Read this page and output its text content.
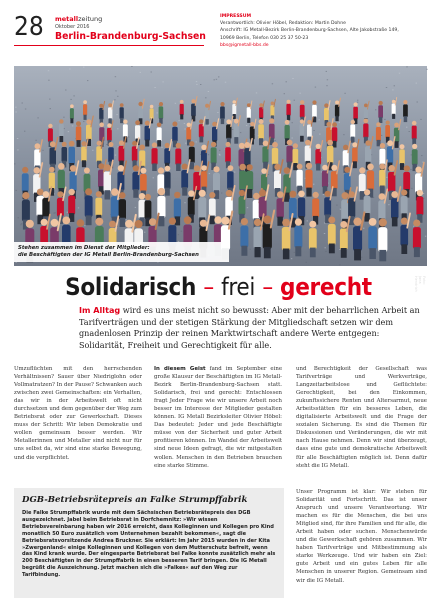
28 metallzeitung
Oktober 2016
Berlin-Brandenburg-Sachsen
IMPRESSUM
Verantwortlich: Olivier Höbel, Redaktion: Martin Dohne
Anschrift: IG Metall-Bezirk Berlin-Brandenburg-Sachsen, Alte Jakobstraße 149,
10969 Berlin, Telefon 030 25 37 50-23
bbs@igmetall-bbs.de
Foto: Jana Hendrich
Stehen zusammen im Dienst der Mitglieder:
die Beschäftigten der IG Metall Berlin-Brandenburg-Sachsen
Solidarisch – frei – gerecht
Im Alltag wird es uns meist nicht so bewusst: Aber mit der beharrlichen Arbeit an Tarifverträgen und der stetigen Stärkung der Mitgliedschaft setzen wir dem gnadenlosen Prinzip der reinen Marktwirtschaft andere Werte entgegen: Solidarität, Freiheit und Gerechtigkeit für alle.
Umzuflüchten mit den herrschenden Verhältnissen? Sauer über Niedriglohn oder Vollmatratzen? In der Pause? Schwanken auch zwischen zwei Gemeinschaften: ein Verhalten, das wir in der Arbeitswelt oft nicht durchsetzen und dem gegenüber der Weg zum Betriebsrat oder zur Gewerkschaft. Dieses muss der Schritt: Wir leben Demokratie und wollen gemeinsam besser werden. Wir Metallerinnen und Metaller sind nicht nur für uns selbst da, wir sind eine starke Bewegung, und die verpflichtet.
In diesem Geist fand im September eine große Klausur der Beschäftigten im IG Metall-Bezirk Berlin-Brandenburg-Sachsen statt. Solidarisch, frei und gerecht: Entschlossen fragt Jeder Frage wie wir unsere Arbeit noch besser im Interesse der Mitglieder gestalten können. IG Metall Bezirksleiter Olivier Höbel: Das bedeutet: Jeder und jede Beschäftigte müsse von der Sicherheit und guter Arbeit profitieren können. Im Wandel der Arbeitswelt sind neue Ideen gefragt, die wir mitgestalten wollen. Menschen in den Betrieben brauchen eine starke Stimme.
und Berechtigkeit der Gesellschaft was Tarifverträge und Werkverträge, Langzeitarbeitslose und Geflüchtete: Gerechtigkeit, bei den Einkommen, zukunftssichere Renten und Altersarmut, neue Arbeitsstätten für ein besseres Leben, die digitalisierte Arbeitswelt und die Frage der sozialen Sicherung. Es sind die Themen für Diskussionen und Veränderungen, die wir mit nach Hause nehmen. Denn wir sind überzeugt, dass eine gute und demokratische Arbeitswelt für alle Beschäftigten möglich ist. Denn dafür steht die IG Metall.
Unser Programm ist klar: Wir stehen für Solidarität und Fortschritt. Das ist unser Anspruch und unsere Verantwortung. Wir machen es für die Menschen, die bei uns Mitglied sind, für ihre Familien und für alle, die Arbeit haben oder suchen. Menschenwürde und die Gewerkschaft gehören zusammen. Wir haben Tarifverträge und Mitbestimmung als starke Werkzeuge. Und wir haben ein Ziel: gute Arbeit und ein gutes Leben für alle Menschen in unserer Region. Gemeinsam sind wir die IG Metall.
DGB-Betriebsrätepreis an Falke Strumpffabrik
Die Falke Strumpffabrik wurde mit dem Sächsischen Betriebsrätepreis des DGB ausgezeichnet. Jabel beim Betriebsrat in Dorfchemnitz: »Wir wissen Betriebsvereinbarung haben wir 2016 erreicht, dass Kolleginnen und Kollegen pro Kind monatlich 50 Euro zusätzlich vom Unternehmen bezahlt bekommen«, sagt die Betriebsratsvorsitzende Andrea Bruckner. Sie erklärt: Im Jahr 2015 wurden in der Kita »Zwergenland« einige Kolleginnen und Kollegen von dem Mutterschutz befreit, wenn das Kind krank wurde. Der eingesparte Betriebsrat bei Falke konnte zusätzlich mehr als 200 Beschäftigten in der Strumpffabrik in einen besseren Tarif bringen. Die IG Metall begrüßt die Auszeichnung. Jetzt machen sich die »Falkes« auf den Weg zur Tarifbindung.
